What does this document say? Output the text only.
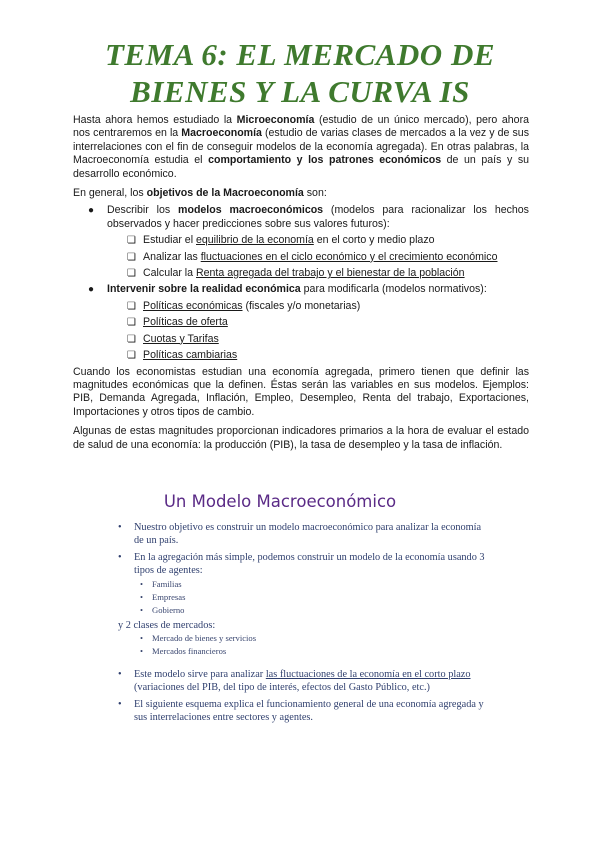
TEMA 6: EL MERCADO DE
BIENES Y LA CURVA IS

Hasta ahora hemos estudiado la Microeconomía (estudio de un único mercado), pero ahora nos centraremos en la Macroeconomía (estudio de varias clases de mercados a la vez y de sus interrelaciones con el fin de conseguir modelos de la economía agregada). En otras palabras, la Macroeconomía estudia el comportamiento y los patrones económicos de un país y su desarrollo económico.

En general, los objetivos de la Macroeconomía son:

● Describir los modelos macroeconómicos (modelos para racionalizar los hechos observados y hacer predicciones sobre sus valores futuros):
❏ Estudiar el equilibrio de la economía en el corto y medio plazo
❏ Analizar las fluctuaciones en el ciclo económico y el crecimiento económico
❏ Calcular la Renta agregada del trabajo y el bienestar de la población
● Intervenir sobre la realidad económica para modificarla (modelos normativos):
❏ Políticas económicas (fiscales y/o monetarias)
❏ Políticas de oferta
❏ Cuotas y Tarifas
❏ Políticas cambiarias

Cuando los economistas estudian una economía agregada, primero tienen que definir las magnitudes económicas que la definen. Éstas serán las variables en sus modelos. Ejemplos: PIB, Demanda Agregada, Inflación, Empleo, Desempleo, Renta del trabajo, Exportaciones, Importaciones y otros tipos de cambio.

Algunas de estas magnitudes proporcionan indicadores primarios a la hora de evaluar el estado de salud de una economía: la producción (PIB), la tasa de desempleo y la tasa de inflación.

Un Modelo Macroeconómico
• Nuestro objetivo es construir un modelo macroeconómico para analizar la economía de un país.
• En la agregación más simple, podemos construir un modelo de la economía usando 3 tipos de agentes:
• Familias
• Empresas
• Gobierno
y 2 clases de mercados:
• Mercado de bienes y servicios
• Mercados financieros
• Este modelo sirve para analizar las fluctuaciones de la economía en el corto plazo (variaciones del PIB, del tipo de interés, efectos del Gasto Público, etc.)
• El siguiente esquema explica el funcionamiento general de una economía agregada y sus interrelaciones entre sectores y agentes.
